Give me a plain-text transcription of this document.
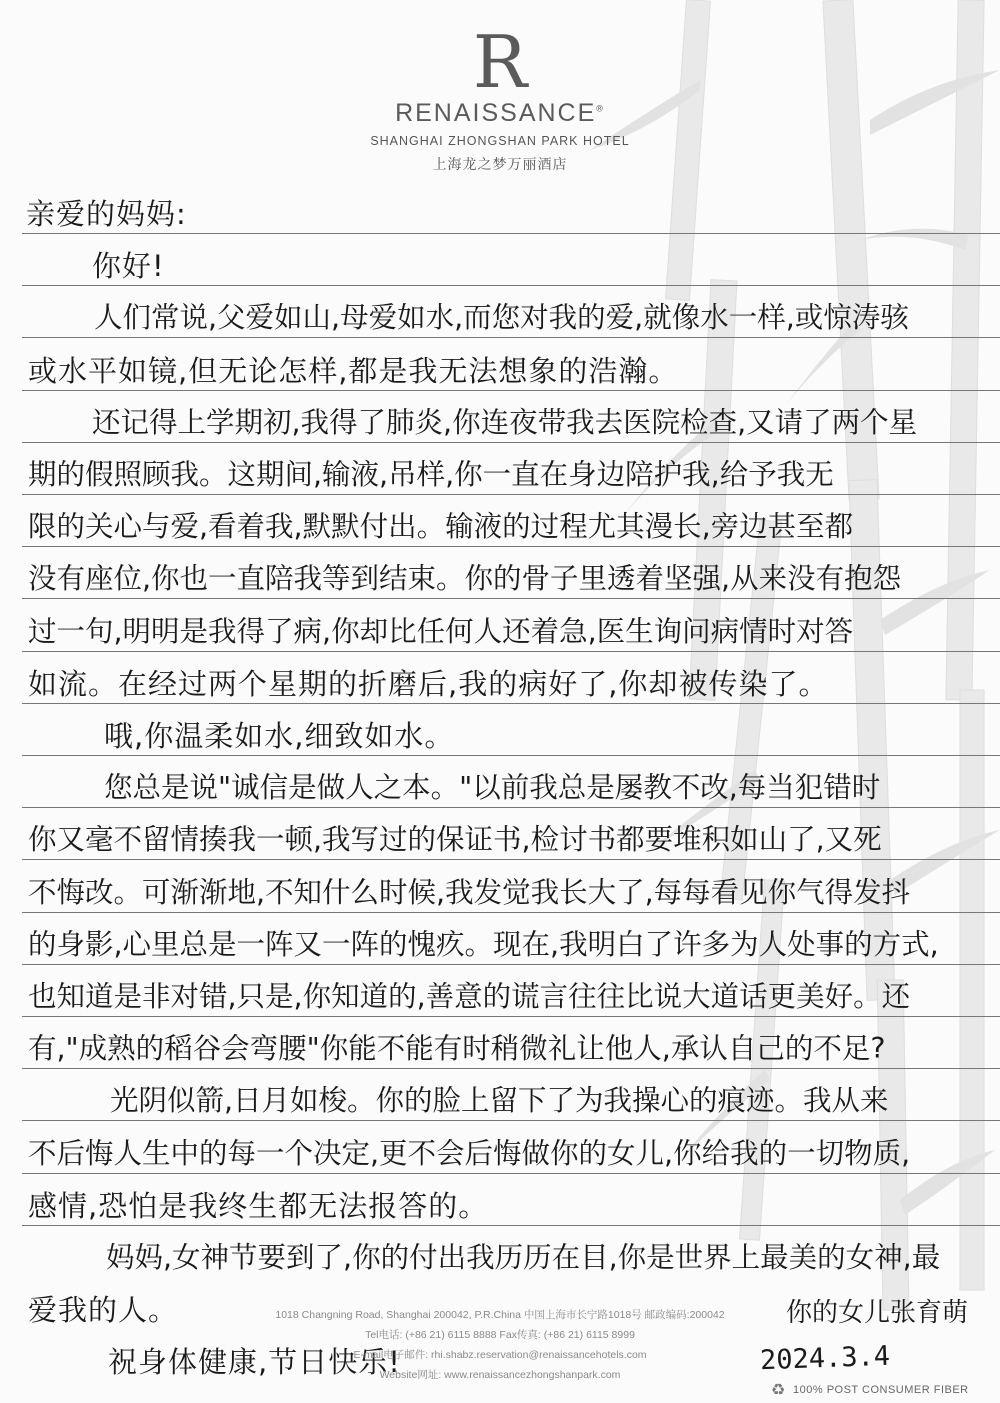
R
RENAISSANCE®
SHANGHAI ZHONGSHAN PARK HOTEL
上海龙之梦万丽酒店
亲爱的妈妈:
你好!
人们常说,父爱如山,母爱如水,而您对我的爱,就像水一样,或惊涛骇
或水平如镜,但无论怎样,都是我无法想象的浩瀚。
还记得上学期初,我得了肺炎,你连夜带我去医院检查,又请了两个星
期的假照顾我。这期间,输液,吊样,你一直在身边陪护我,给予我无
限的关心与爱,看着我,默默付出。输液的过程尤其漫长,旁边甚至都
没有座位,你也一直陪我等到结束。你的骨子里透着坚强,从来没有抱怨
过一句,明明是我得了病,你却比任何人还着急,医生询问病情时对答
如流。在经过两个星期的折磨后,我的病好了,你却被传染了。
哦,你温柔如水,细致如水。
您总是说"诚信是做人之本。"以前我总是屡教不改,每当犯错时
你又毫不留情揍我一顿,我写过的保证书,检讨书都要堆积如山了,又死
不悔改。可渐渐地,不知什么时候,我发觉我长大了,每每看见你气得发抖
的身影,心里总是一阵又一阵的愧疚。现在,我明白了许多为人处事的方式,
也知道是非对错,只是,你知道的,善意的谎言往往比说大道话更美好。还
有,"成熟的稻谷会弯腰"你能不能有时稍微礼让他人,承认自己的不足?
光阴似箭,日月如梭。你的脸上留下了为我操心的痕迹。我从来
不后悔人生中的每一个决定,更不会后悔做你的女儿,你给我的一切物质,
感情,恐怕是我终生都无法报答的。
妈妈,女神节要到了,你的付出我历历在目,你是世界上最美的女神,最
爱我的人。
祝身体健康,节日快乐!
你的女儿张育萌
2024.3.4
1018 Changning Road, Shanghai 200042, P.R.China 中国上海市长宁路1018号 邮政编码:200042
Tel电话: (+86 21) 6115 8888 Fax传真: (+86 21) 6115 8999
E-mail电子邮件: rhi.shabz.reservation@renaissancehotels.com
Website网址: www.renaissancezhongshanpark.com
♻ 100% POST CONSUMER FIBER
